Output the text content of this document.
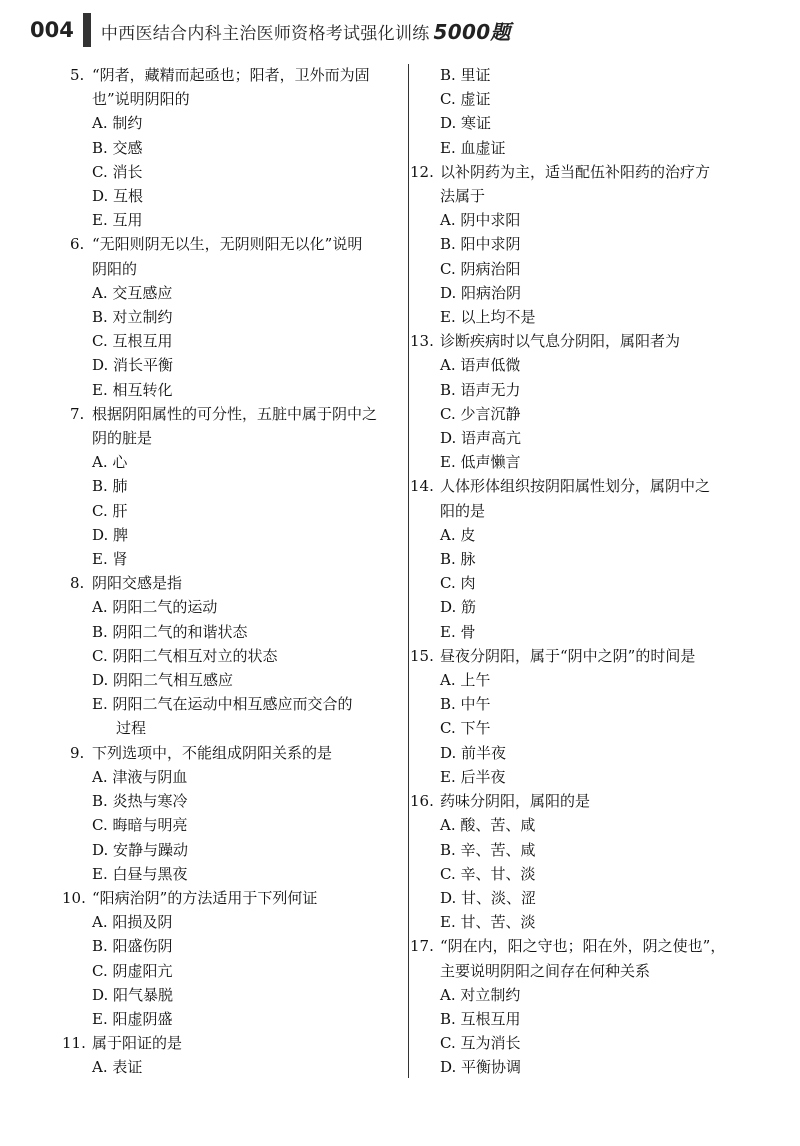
004 中西医结合内科主治医师资格考试强化训练 5000题
5. “阴者，藏精而起亟也；阳者，卫外而为固
也”说明阴阳的
A. 制约
B. 交感
C. 消长
D. 互根
E. 互用
6. “无阳则阴无以生，无阴则阳无以化”说明
阴阳的
A. 交互感应
B. 对立制约
C. 互根互用
D. 消长平衡
E. 相互转化
7. 根据阴阳属性的可分性，五脏中属于阴中之
阴的脏是
A. 心
B. 肺
C. 肝
D. 脾
E. 肾
8. 阴阳交感是指
A. 阴阳二气的运动
B. 阴阳二气的和谐状态
C. 阴阳二气相互对立的状态
D. 阴阳二气相互感应
E. 阴阳二气在运动中相互感应而交合的
过程
9. 下列选项中，不能组成阴阳关系的是
A. 津液与阴血
B. 炎热与寒冷
C. 晦暗与明亮
D. 安静与躁动
E. 白昼与黑夜
10. “阳病治阴”的方法适用于下列何证
A. 阳损及阴
B. 阳盛伤阴
C. 阴虚阳亢
D. 阳气暴脱
E. 阳虚阴盛
11. 属于阳证的是
A. 表证
B. 里证
C. 虚证
D. 寒证
E. 血虚证
12. 以补阴药为主，适当配伍补阳药的治疗方
法属于
A. 阴中求阳
B. 阳中求阴
C. 阴病治阳
D. 阳病治阴
E. 以上均不是
13. 诊断疾病时以气息分阴阳，属阳者为
A. 语声低微
B. 语声无力
C. 少言沉静
D. 语声高亢
E. 低声懒言
14. 人体形体组织按阴阳属性划分，属阴中之
阳的是
A. 皮
B. 脉
C. 肉
D. 筋
E. 骨
15. 昼夜分阴阳，属于“阴中之阴”的时间是
A. 上午
B. 中午
C. 下午
D. 前半夜
E. 后半夜
16. 药味分阴阳，属阳的是
A. 酸、苦、咸
B. 辛、苦、咸
C. 辛、甘、淡
D. 甘、淡、涩
E. 甘、苦、淡
17. “阴在内，阳之守也；阳在外，阴之使也”，
主要说明阴阳之间存在何种关系
A. 对立制约
B. 互根互用
C. 互为消长
D. 平衡协调
